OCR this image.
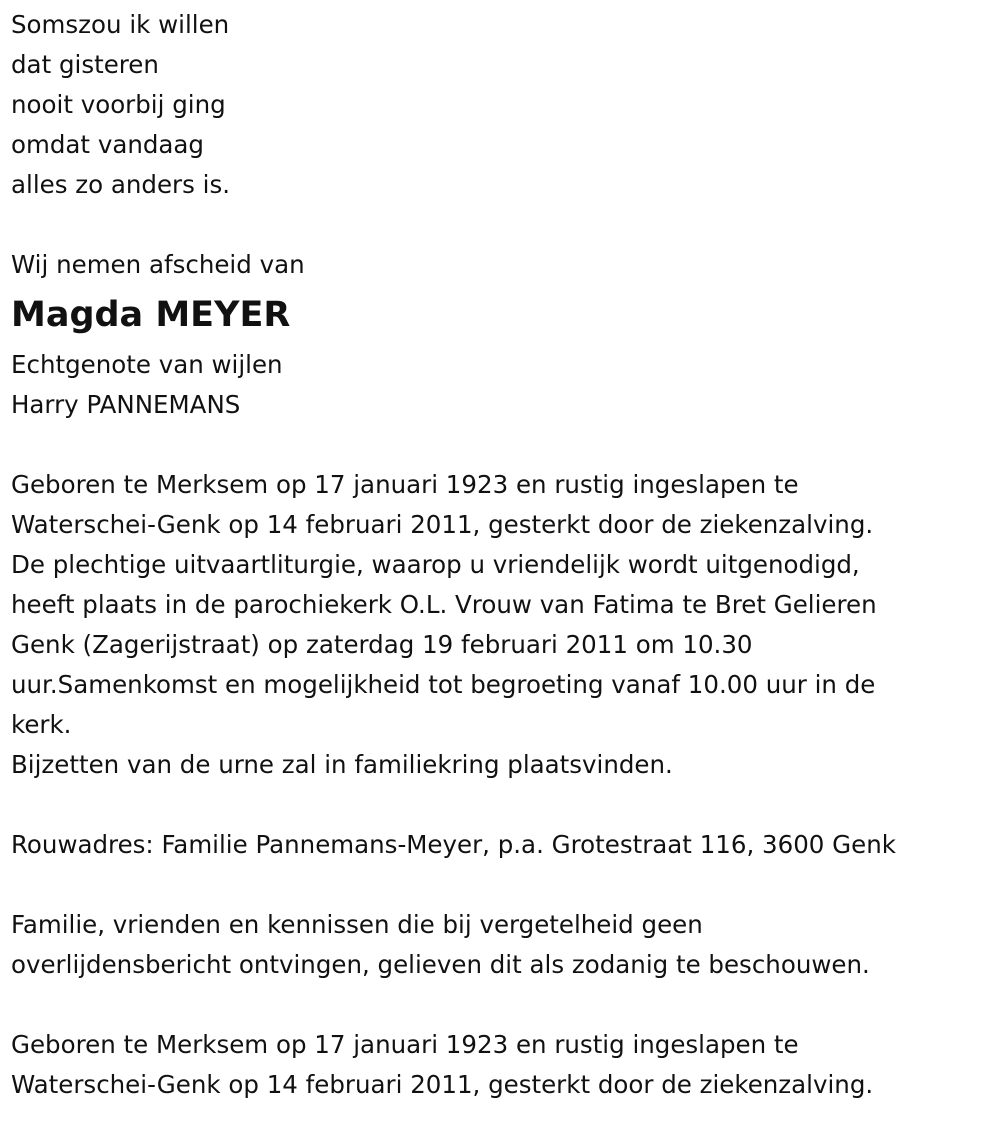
Somszou ik willen
dat gisteren
nooit voorbij ging
omdat vandaag
alles zo anders is.
Wij nemen afscheid van
Magda MEYER
Echtgenote van wijlen
Harry PANNEMANS
Geboren te Merksem op 17 januari 1923 en rustig ingeslapen te
Waterschei-Genk op 14 februari 2011, gesterkt door de ziekenzalving.
De plechtige uitvaartliturgie, waarop u vriendelijk wordt uitgenodigd,
heeft plaats in de parochiekerk O.L. Vrouw van Fatima te Bret Gelieren
Genk (Zagerijstraat) op zaterdag 19 februari 2011 om 10.30
uur.Samenkomst en mogelijkheid tot begroeting vanaf 10.00 uur in de
kerk.
Bijzetten van de urne zal in familiekring plaatsvinden.
Rouwadres: Familie Pannemans-Meyer, p.a. Grotestraat 116, 3600 Genk
Familie, vrienden en kennissen die bij vergetelheid geen
overlijdensbericht ontvingen, gelieven dit als zodanig te beschouwen.
Geboren te Merksem op 17 januari 1923 en rustig ingeslapen te
Waterschei-Genk op 14 februari 2011, gesterkt door de ziekenzalving.
